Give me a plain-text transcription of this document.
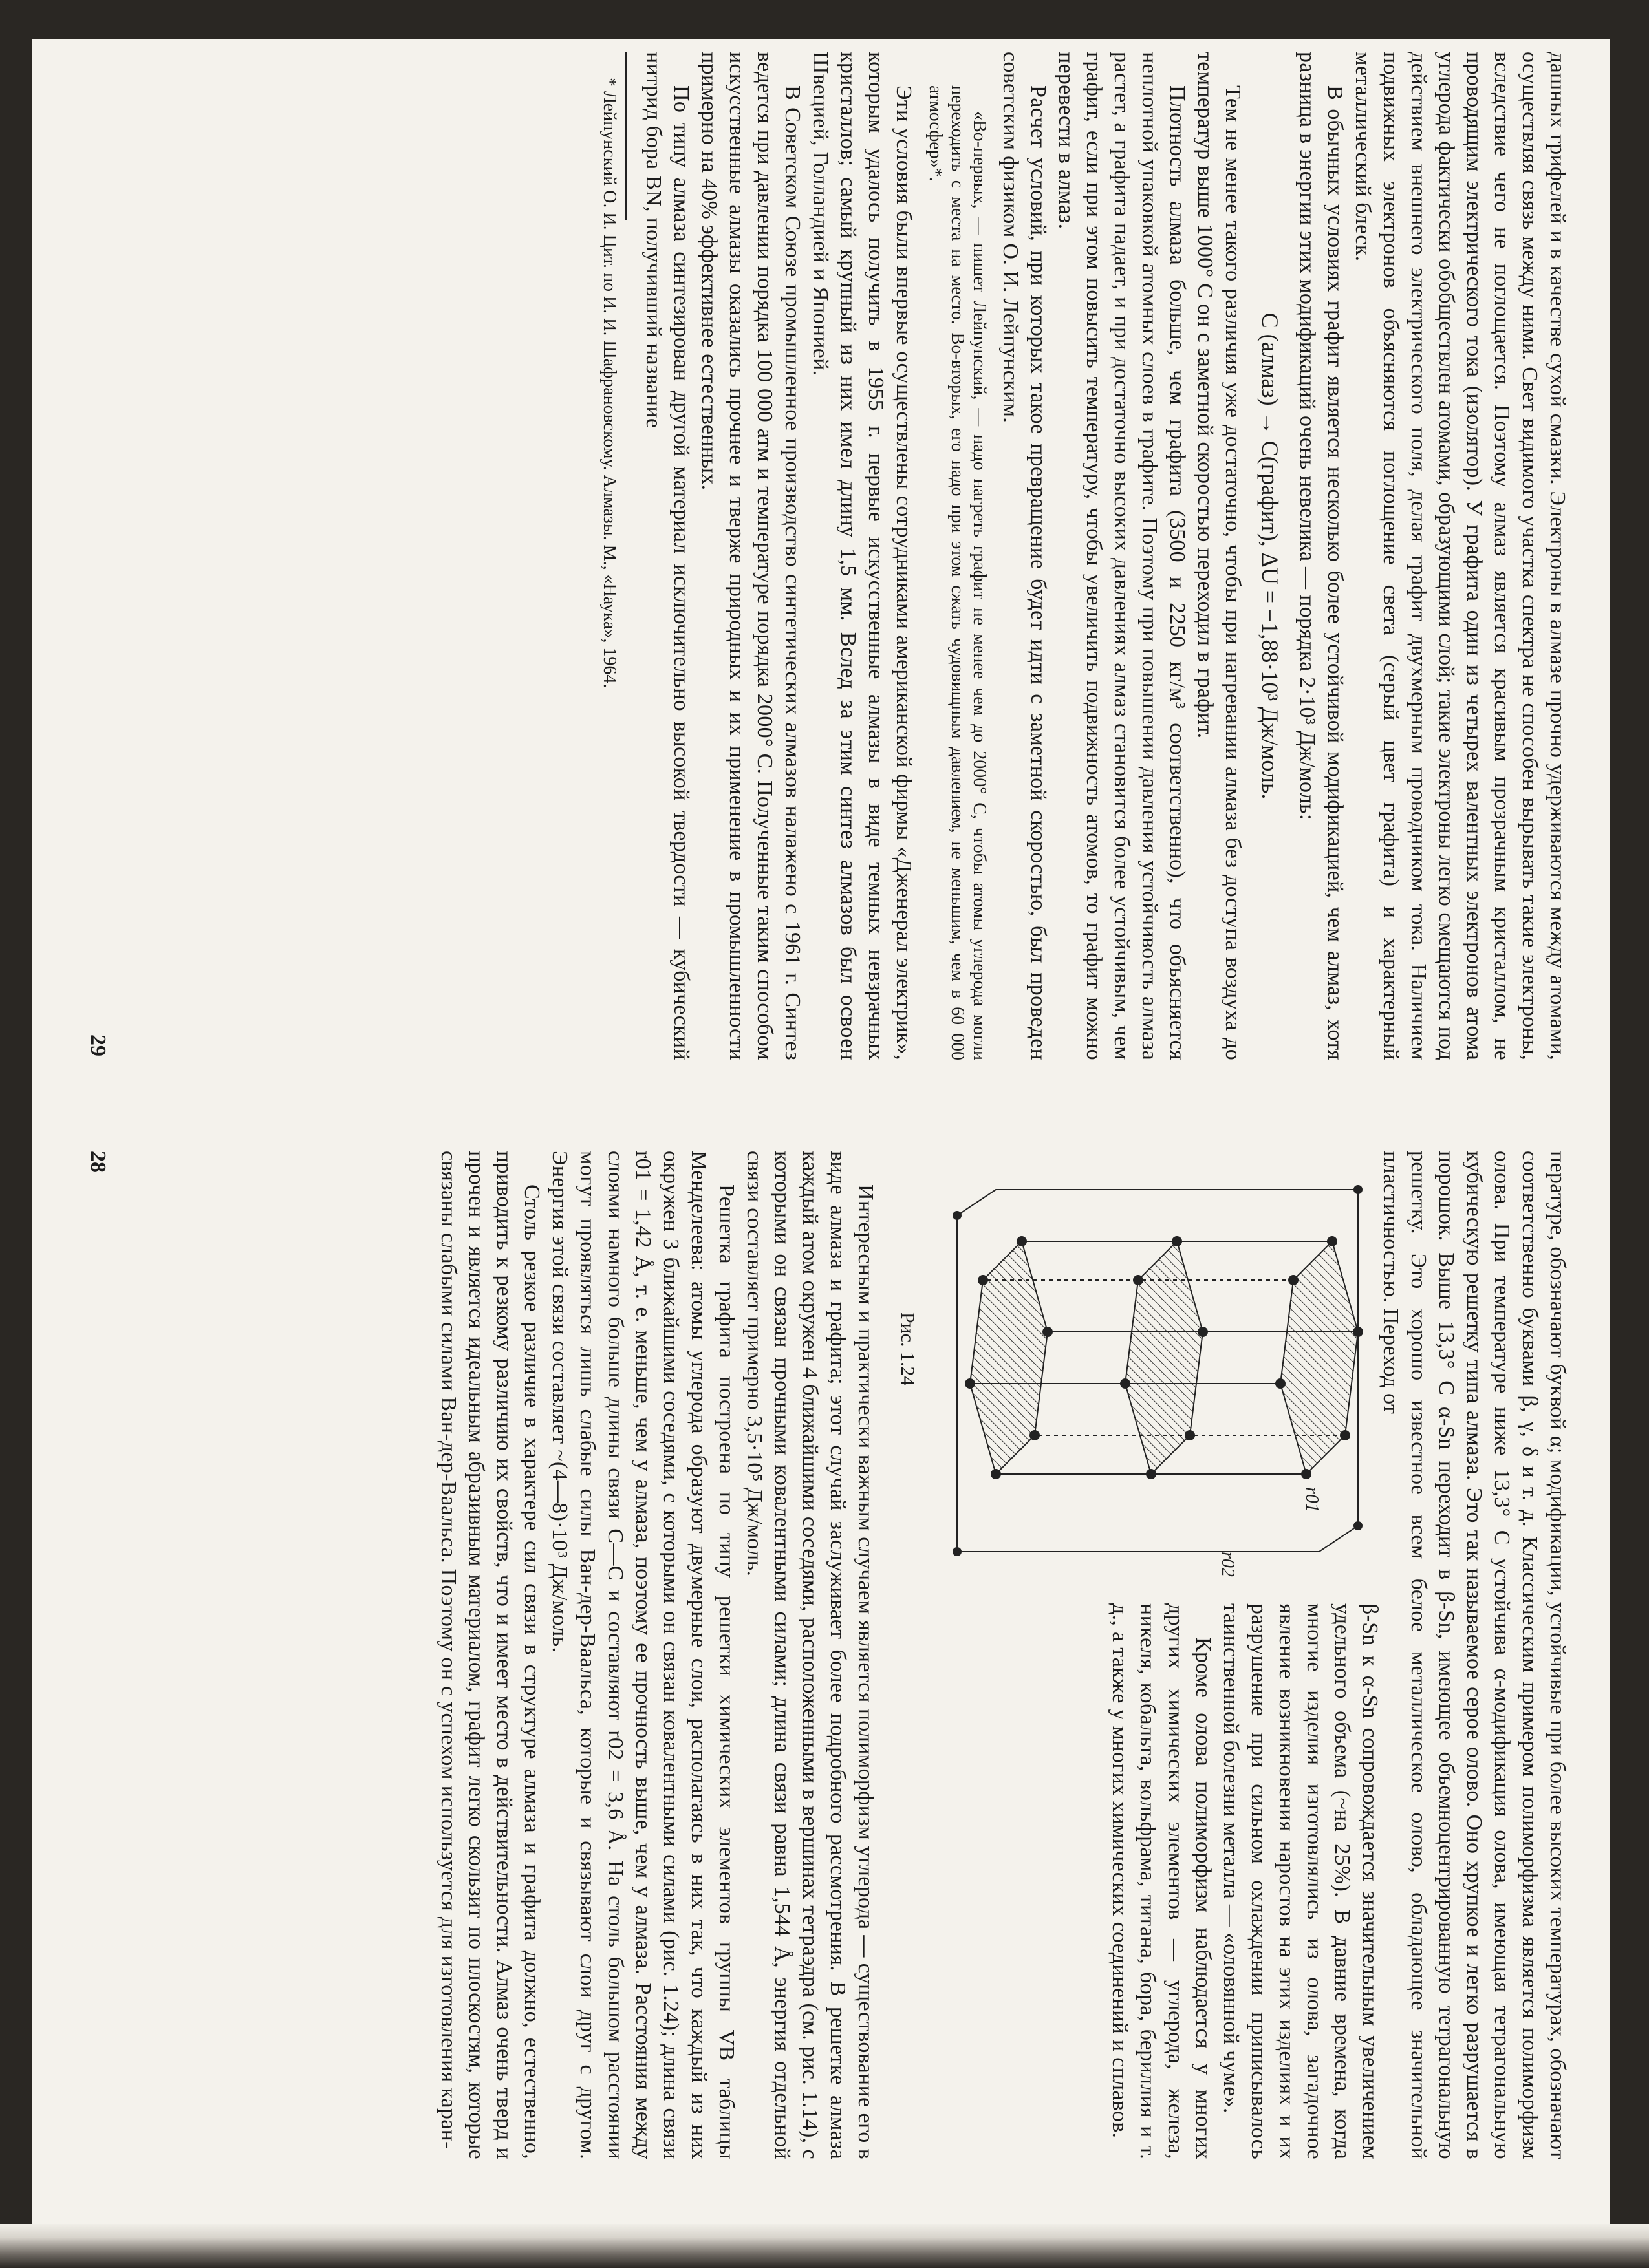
дашных грифелей и в качестве сухой смазки. Электроны в алмазе прочно удерживаются между атомами, осуществляя связь между ними. Свет видимого участка спектра не способен вырывать такие электроны, вследствие чего не поглощается. Поэтому алмаз является красивым прозрачным кристаллом, не проводящим электрического тока (изолятор). У графита один из четырех валентных электронов атома углерода фактически обобществлен атомами, образующими слой; такие электроны легко смещаются под действием внешнего электрического поля, делая графит двухмерным проводником тока. Наличием подвижных электронов объясняются поглощение света (серый цвет графита) и характерный металлический блеск.

В обычных условиях графит является несколько более устойчивой модификацией, чем алмаз, хотя разница в энергии этих модификаций очень невелика — порядка 2·10³ Дж/моль:

C (алмаз) → C(графит), ΔU = −1,88·10³ Дж/моль.

Тем не менее такого различия уже достаточно, чтобы при нагревании алмаза без доступа воздуха до температур выше 1000° С он с заметной скоростью переходил в графит.

Плотность алмаза больше, чем графита (3500 и 2250 кг/м³ соответственно), что объясняется неплотной упаковкой атомных слоев в графите. Поэтому при повышении давления устойчивость алмаза растет, а графита падает, и при достаточно высоких давлениях алмаз становится более устойчивым, чем графит, если при этом повысить температуру, чтобы увеличить подвижность атомов, то графит можно перевести в алмаз.

Расчет условий, при которых такое превращение будет идти с заметной скоростью, был проведен советским физиком О. И. Лейпунским.

«Во-первых, — пишет Лейпунский, — надо нагреть графит не менее чем до 2000° С, чтобы атомы углерода могли переходить с места на место. Во-вторых, его надо при этом сжать чудовищным давлением, не меньшим, чем в 60 000 атмосфер»*.

Эти условия были впервые осуществлены сотрудниками американской фирмы «Дженерал электрик», которым удалось получить в 1955 г. первые искусственные алмазы в виде темных невзрачных кристаллов; самый крупный из них имел длину 1,5 мм. Вслед за этим синтез алмазов был освоен Швецией, Голландией и Японией.

В Советском Союзе промышленное производство синтетических алмазов налажено с 1961 г. Синтез ведется при давлении порядка 100 000 атм и температуре порядка 2000° С. Полученные таким способом искусственные алмазы оказались прочнее и тверже природных и их применение в промышленности примерно на 40% эффективнее естественных.

По типу алмаза синтезирован другой материал исключительно высокой твердости — кубический нитрид бора BN, получивший название

* Лейпунский О. И. Цит. по И. И. Шафрановскому. Алмазы. М., «Наука», 1964.

29

пературе, обозначают буквой α; модификации, устойчивые при более высоких температурах, обозначают соответственно буквами β, γ, δ и т. д. Классическим примером полиморфизма является полиморфизм олова. При температуре ниже 13,3° С устойчива α-модификация олова, имеющая тетрагональную кубическую решетку типа алмаза. Это так называемое серое олово. Оно хрупкое и легко разрушается в порошок. Выше 13,3° С α-Sn переходит в β-Sn, имеющее объемноцентрированную тетрагональную решетку. Это хорошо известное всем белое металлическое олово, обладающее значительной пластичностью. Переход от

r01
r02
Рис. 1.24

β-Sn к α-Sn сопровождается значительным увеличением удельного объема (~на 25%). В давние времена, когда многие изделия изготовлялись из олова, загадочное явление возникновения наростов на этих изделиях и их разрушение при сильном охлаждении приписывалось таинственной болезни металла — «оловянной чуме».

Кроме олова полиморфизм наблюдается у многих других химических элементов — углерода, железа, никеля, кобальта, вольфрама, титана, бора, бериллия и т. д., а также у многих химических соединений и сплавов.

Интересным и практически важным случаем является полиморфизм углерода — существование его в виде алмаза и графита; этот случай заслуживает более подробного рассмотрения. В решетке алмаза каждый атом окружен 4 ближайшими соседями, расположенными в вершинах тетраэдра (см. рис. 1.14), с которыми он связан прочными ковалентными силами; длина связи равна 1,544 Å, энергия отдельной связи составляет примерно 3,5·10⁵ Дж/моль.

Решетка графита построена по типу решетки химических элементов группы VB таблицы Менделеева: атомы углерода образуют двумерные слои, располагаясь в них так, что каждый из них окружен 3 ближайшими соседями, с которыми он связан ковалентными силами (рис. 1.24); длина связи r01 = 1,42 Å, т. е. меньше, чем у алмаза, поэтому ее прочность выше, чем у алмаза. Расстояния между слоями намного больше длины связи С—С и составляют r02 = 3,6 Å. На столь большом расстоянии могут проявляться лишь слабые силы Ван-дер-Ваальса, которые и связывают слои друг с другом. Энергия этой связи составляет ~(4—8)·10³ Дж/моль.

Столь резкое различие в характере сил связи в структуре алмаза и графита должно, естественно, приводить к резкому различию их свойств, что и имеет место в действительности. Алмаз очень тверд и прочен и является идеальным абразивным материалом, графит легко скользит по плоскостям, которые связаны слабыми силами Ван-дер-Ваальса. Поэтому он с успехом используется для изготовления каран-

28
